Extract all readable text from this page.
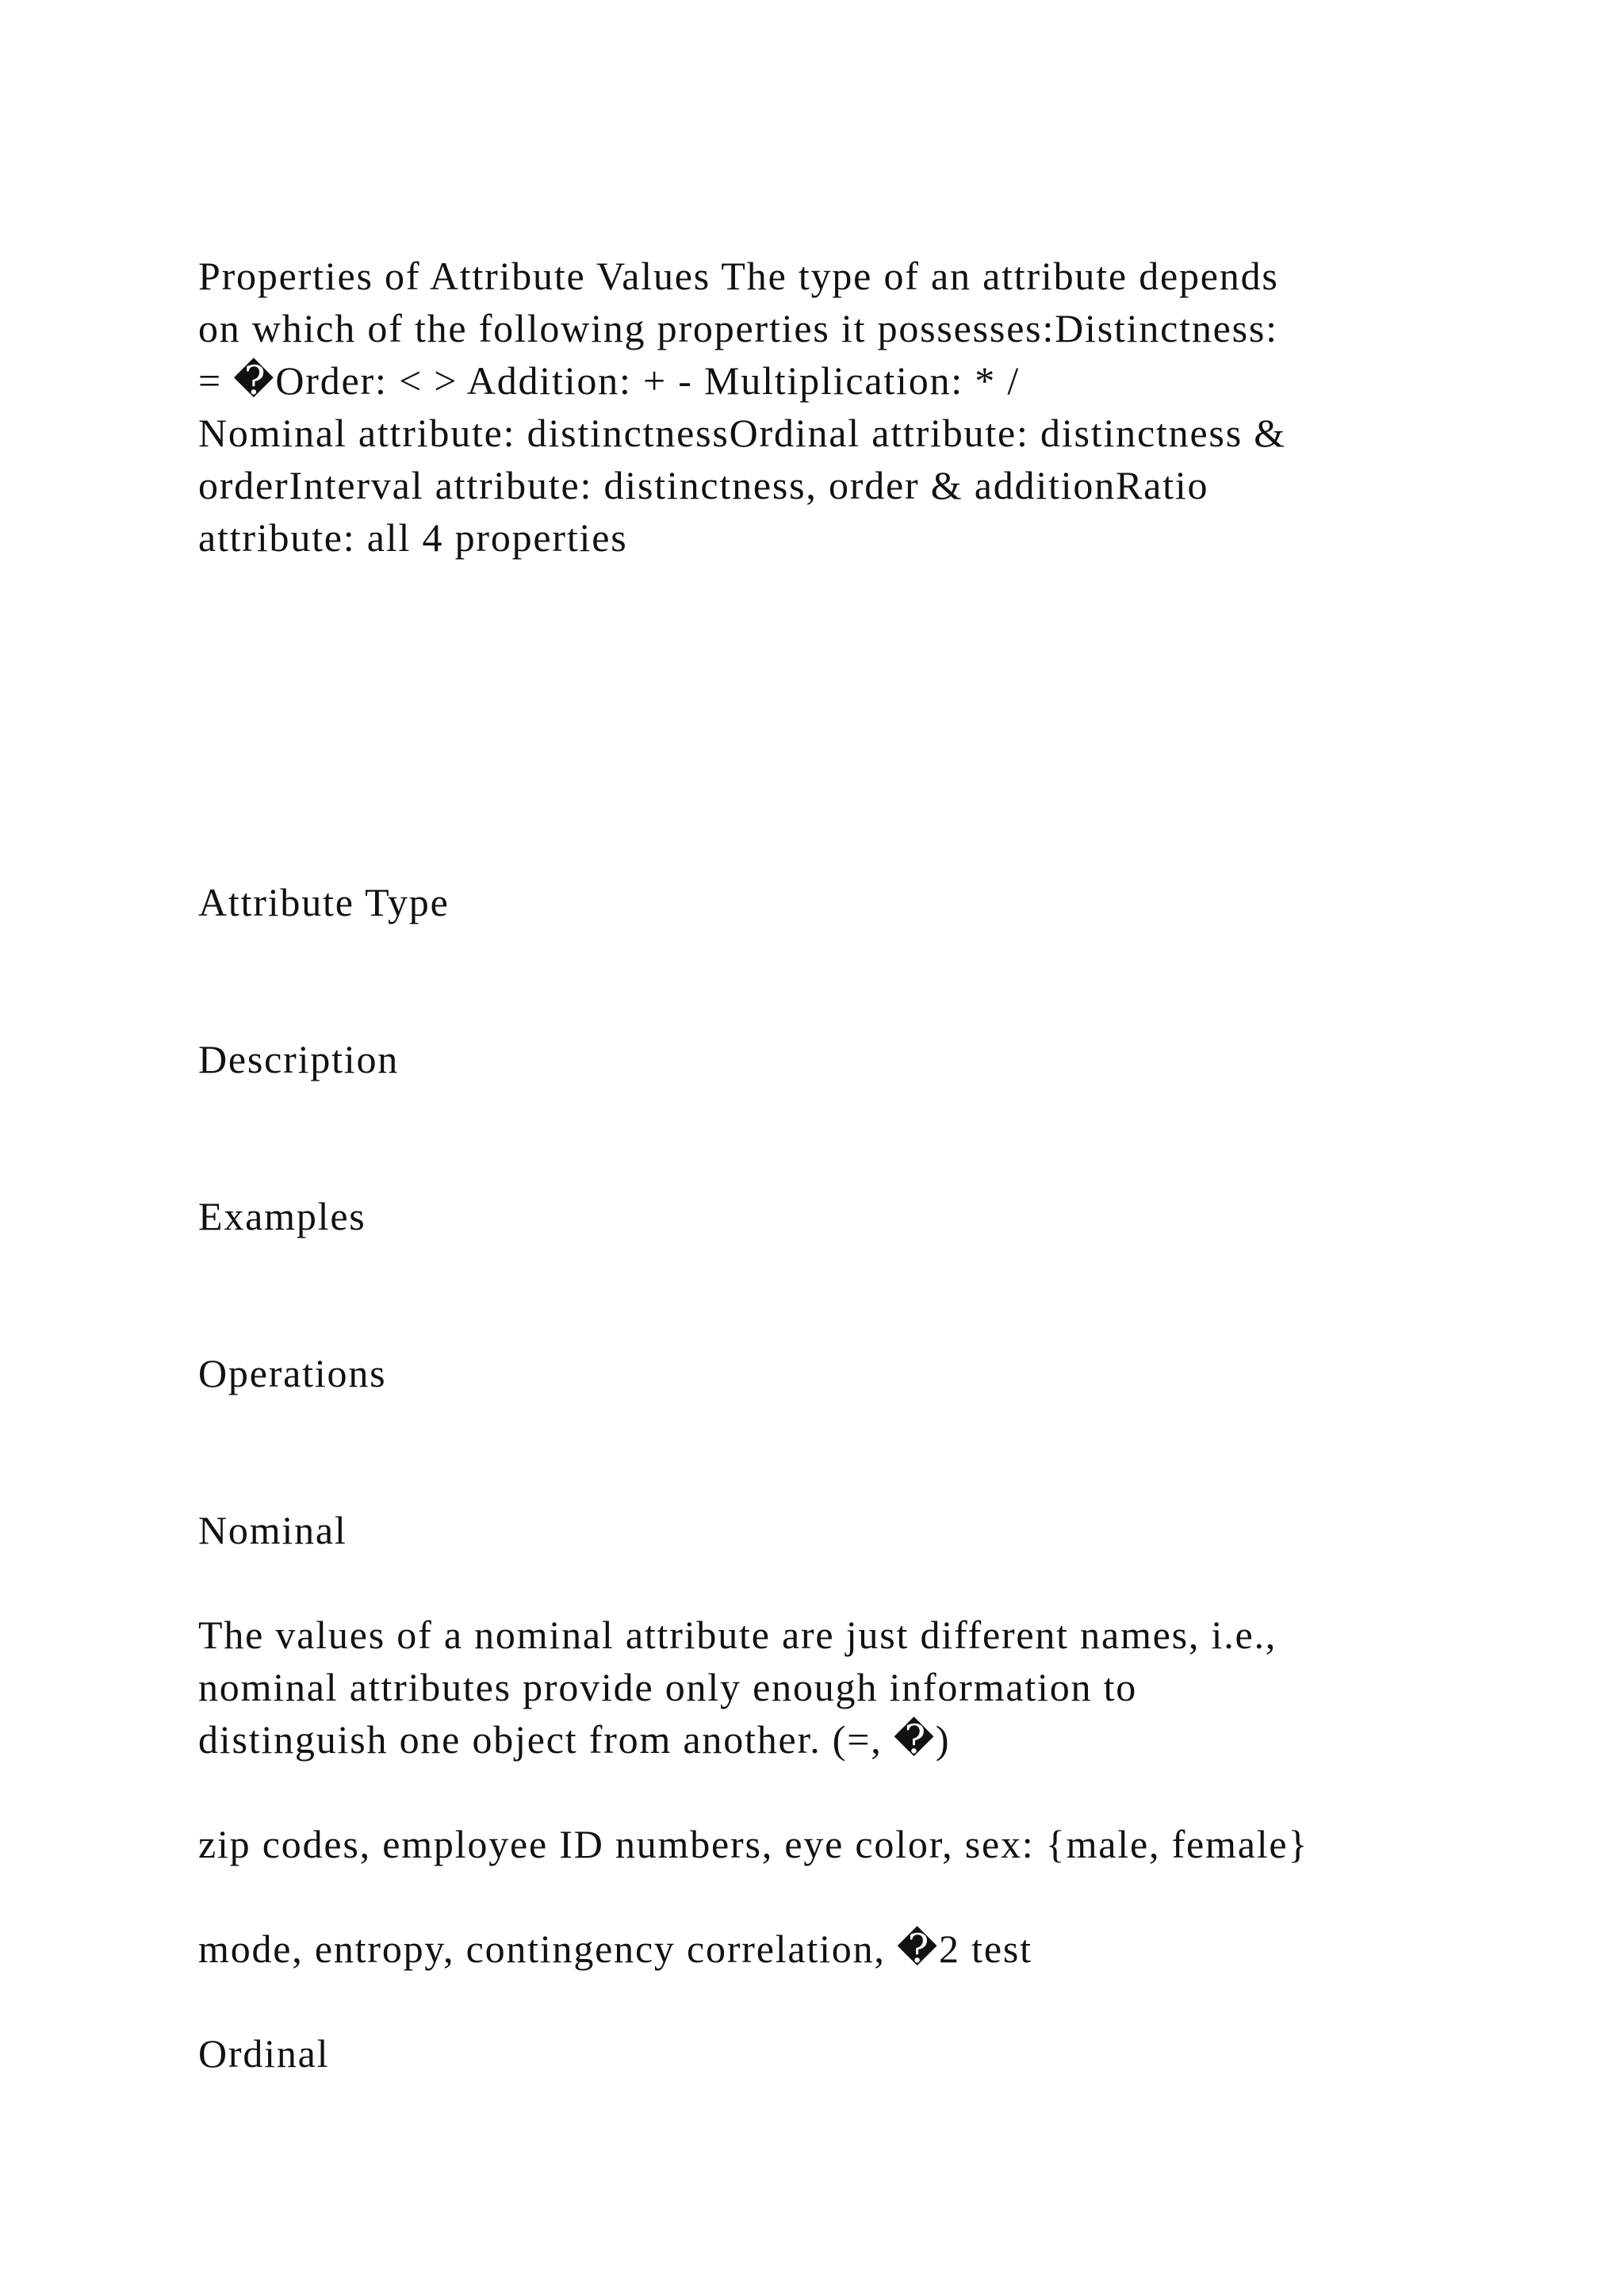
Properties of Attribute Values The type of an attribute depends
on which of the following properties it possesses:Distinctness:
= �Order: < > Addition: + - Multiplication: * /
Nominal attribute: distinctnessOrdinal attribute: distinctness &
orderInterval attribute: distinctness, order & additionRatio
attribute: all 4 properties
Attribute Type
Description
Examples
Operations
Nominal
The values of a nominal attribute are just different names, i.e.,
nominal attributes provide only enough information to
distinguish one object from another. (=, �)
zip codes, employee ID numbers, eye color, sex: {male, female}
mode, entropy, contingency correlation, �2 test
Ordinal
